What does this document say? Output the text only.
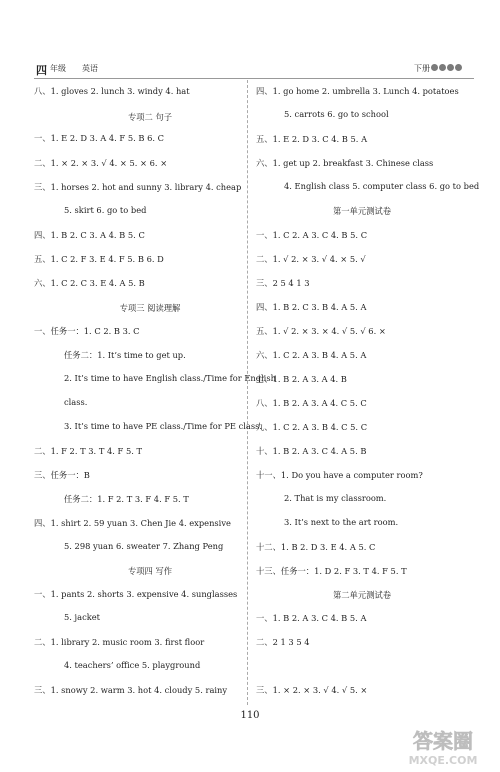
四 年级 英语	下册
八、1. gloves 2. lunch 3. windy 4. hat
专项二 句子
一、1. E 2. D 3. A 4. F 5. B 6. C
二、1. × 2. × 3. √ 4. × 5. × 6. ×
三、1. horses 2. hot and sunny 3. library 4. cheap
5. skirt 6. go to bed
四、1. B 2. C 3. A 4. B 5. C
五、1. C 2. F 3. E 4. F 5. B 6. D
六、1. C 2. C 3. E 4. A 5. B
专项三 阅读理解
一、任务一：1. C 2. B 3. C
任务二：1. It’s time to get up.
2. It’s time to have English class./Time for English
class.
3. It’s time to have PE class./Time for PE class.
二、1. F 2. T 3. T 4. F 5. T
三、任务一：B
任务二：1. F 2. T 3. F 4. F 5. T
四、1. shirt 2. 59 yuan 3. Chen Jie 4. expensive
5. 298 yuan 6. sweater 7. Zhang Peng
专项四 写作
一、1. pants 2. shorts 3. expensive 4. sunglasses
5. jacket
二、1. library 2. music room 3. first floor
4. teachers’ office 5. playground
三、1. snowy 2. warm 3. hot 4. cloudy 5. rainy
四、1. go home 2. umbrella 3. Lunch 4. potatoes
5. carrots 6. go to school
五、1. E 2. D 3. C 4. B 5. A
六、1. get up 2. breakfast 3. Chinese class
4. English class 5. computer class 6. go to bed
第一单元测试卷
一、1. C 2. A 3. C 4. B 5. C
二、1. √ 2. × 3. √ 4. × 5. √
三、2 5 4 1 3
四、1. B 2. C 3. B 4. A 5. A
五、1. √ 2. × 3. × 4. √ 5. √ 6. ×
六、1. C 2. A 3. B 4. A 5. A
七、1. B 2. A 3. A 4. B
八、1. B 2. A 3. A 4. C 5. C
九、1. C 2. A 3. B 4. C 5. C
十、1. B 2. A 3. C 4. A 5. B
十一、1. Do you have a computer room?
2. That is my classroom.
3. It’s next to the art room.
十二、1. B 2. D 3. E 4. A 5. C
十三、任务一：1. D 2. F 3. T 4. F 5. T
第二单元测试卷
一、1. B 2. A 3. C 4. B 5. A
二、2 1 3 5 4
三、1. × 2. × 3. √ 4. √ 5. ×
110
答案圈
MXQE.COM
